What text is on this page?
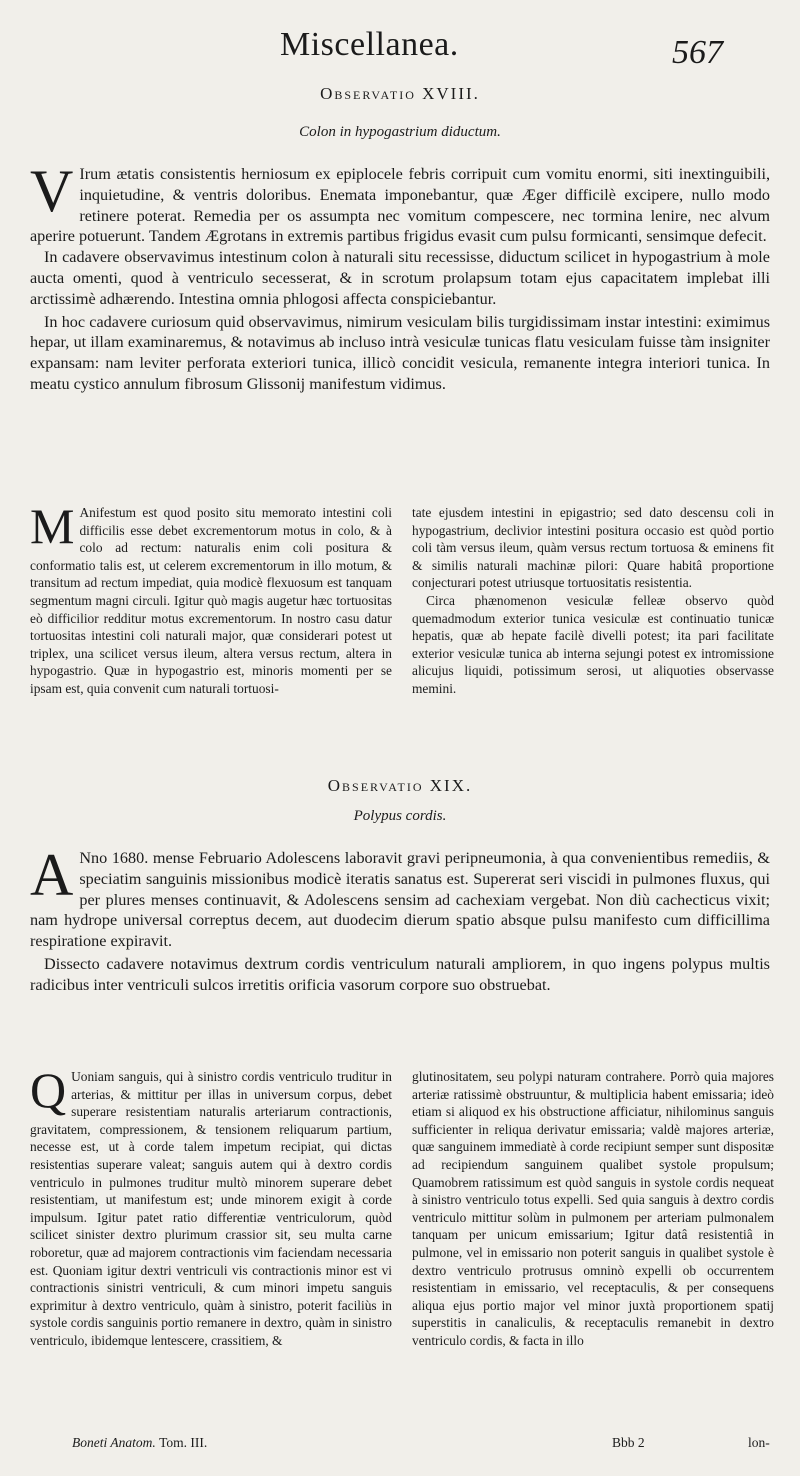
Miscellanea.	567
Observatio XVIII.
Colon in hypogastrium diductum.

V Irum ætatis consistentis herniosum ex epiplocele febris corripuit cum vomitu enormi, siti inextinguibili, inquietudine, & ventris doloribus. Enemata imponebantur, quæ Æger difficilè excipere, nullo modo retinere poterat. Remedia per os assumpta nec vomitum compescere, nec tormina lenire, nec alvum aperire potuerunt. Tandem Ægrotans in extremis partibus frigidus evasit cum pulsu formicanti, sensimque defecit.

In cadavere observavimus intestinum colon à naturali situ recessisse, diductum scilicet in hypogastrium à mole aucta omenti, quod à ventriculo secesserat, & in scrotum prolapsum totam ejus capacitatem implebat illi arctissimè adhærendo. Intestina omnia phlogosi affecta conspiciebantur.

In hoc cadavere curiosum quid observavimus, nimirum vesiculam bilis turgidissimam instar intestini: eximimus hepar, ut illam examinaremus, & notavimus ab incluso intrà vesiculæ tunicas flatu vesiculam fuisse tàm insigniter expansam: nam leviter perforata exteriori tunica, illicò concidit vesicula, remanente integra interiori tunica. In meatu cystico annulum fibrosum Glissonij manifestum vidimus.

M Anifestum est quod posito situ memorato intestini coli difficilis esse debet excrementorum motus in colo, & à colo ad rectum: naturalis enim coli positura & conformatio talis est, ut celerem excrementorum in illo motum, & transitum ad rectum impediat, quia modicè flexuosum est tanquam segmentum magni circuli. Igitur quò magis augetur hæc tortuositas eò difficilior redditur motus excrementorum. In nostro casu datur tortuositas intestini coli naturali major, quæ considerari potest ut triplex, una scilicet versus ileum, altera versus rectum, altera in hypogastrio. Quæ in hypogastrio est, minoris momenti per se ipsam est, quia convenit cum naturali tortuosi-

tate ejusdem intestini in epigastrio; sed dato descensu coli in hypogastrium, declivior intestini positura occasio est quòd portio coli tàm versus ileum, quàm versus rectum tortuosa & eminens fit & similis naturali machinæ pilori: Quare habitâ proportione conjecturari potest utriusque tortuositatis resistentia.

Circa phænomenon vesiculæ felleæ observo quòd quemadmodum exterior tunica vesiculæ est continuatio tunicæ hepatis, quæ ab hepate facilè divelli potest; ita pari facilitate exterior vesiculæ tunica ab interna sejungi potest ex intromissione alicujus liquidi, potissimum serosi, ut aliquoties observasse memini.

Observatio XIX.
Polypus cordis.

A Nno 1680. mense Februario Adolescens laboravit gravi peripneumonia, à qua convenientibus remediis, & speciatim sanguinis missionibus modicè iteratis sanatus est. Supererat seri viscidi in pulmones fluxus, qui per plures menses continuavit, & Adolescens sensim ad cachexiam vergebat. Non diù cachecticus vixit; nam hydrope universal correptus decem, aut duodecim dierum spatio absque pulsu manifesto cum difficillima respiratione expiravit.

Dissecto cadavere notavimus dextrum cordis ventriculum naturali ampliorem, in quo ingens polypus multis radicibus inter ventriculi sulcos irretitis orificia vasorum corpore suo obstruebat.

Q Uoniam sanguis, qui à sinistro cordis ventriculo truditur in arterias, & mittitur per illas in universum corpus, debet superare resistentiam naturalis arteriarum contractionis, gravitatem, compressionem, & tensionem reliquarum partium, necesse est, ut à corde talem impetum recipiat, qui dictas resistentias superare valeat; sanguis autem qui à dextro cordis ventriculo in pulmones truditur multò minorem superare debet resistentiam, ut manifestum est; unde minorem exigit à corde impulsum. Igitur patet ratio differentiæ ventriculorum, quòd scilicet sinister dextro plurimum crassior sit, seu multa carne roboretur, quæ ad majorem contractionis vim faciendam necessaria est. Quoniam igitur dextri ventriculi vis contractionis minor est vi contractionis sinistri ventriculi, & cum minori impetu sanguis exprimitur à dextro ventriculo, quàm à sinistro, poterit faciliùs in systole cordis sanguinis portio remanere in dextro, quàm in sinistro ventriculo, ibidemque lentescere, crassitiem, &

glutinositatem, seu polypi naturam contrahere. Porrò quia majores arteriæ ratissimè obstruuntur, & multiplicia habent emissaria; ideò etiam si aliquod ex his obstructione afficiatur, nihilominus sanguis sufficienter in reliqua derivatur emissaria; valdè majores arteriæ, quæ sanguinem immediatè à corde recipiunt semper sunt dispositæ ad recipiendum sanguinem qualibet systole propulsum; Quamobrem ratissimum est quòd sanguis in systole cordis nequeat à sinistro ventriculo totus expelli. Sed quia sanguis à dextro cordis ventriculo mittitur solùm in pulmonem per arteriam pulmonalem tanquam per unicum emissarium; Igitur datâ resistentiâ in pulmone, vel in emissario non poterit sanguis in qualibet systole è dextro ventriculo protrusus omninò expelli ob occurrentem resistentiam in emissario, vel receptaculis, & per consequens aliqua ejus portio major vel minor juxtà proportionem spatij superstitis in canaliculis, & receptaculis remanebit in dextro ventriculo cordis, & facta in illo

Boneti Anatom. Tom. III.	Bbb 2	lon-
